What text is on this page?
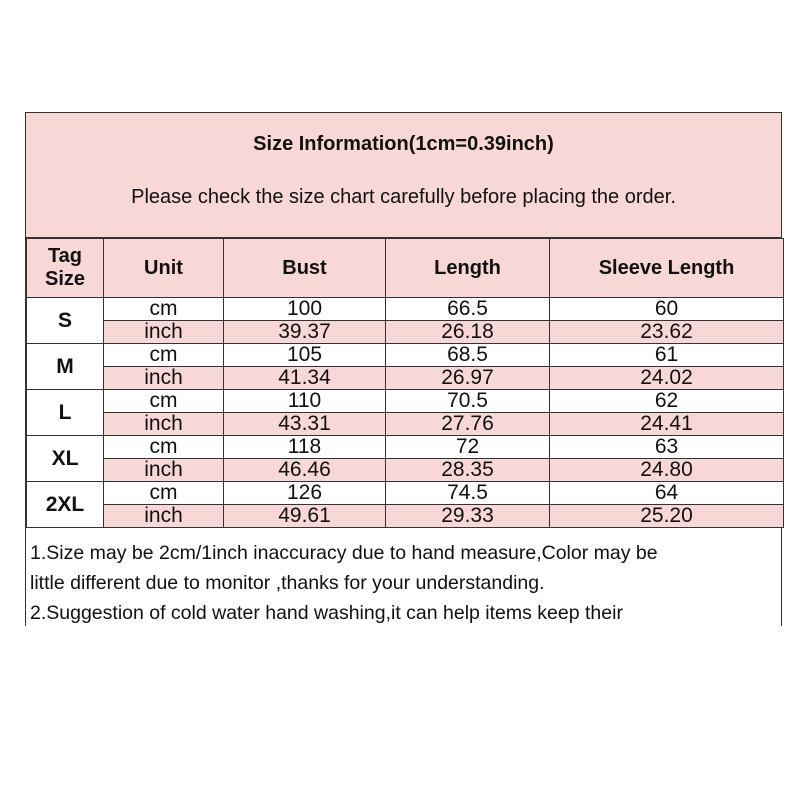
Size Information(1cm=0.39inch)
Please check the size chart carefully before placing the order.
Tag
Size	Unit	Bust	Length	Sleeve Length
S	cm	100	66.5	60
	inch	39.37	26.18	23.62
M	cm	105	68.5	61
	inch	41.34	26.97	24.02
L	cm	110	70.5	62
	inch	43.31	27.76	24.41
XL	cm	118	72	63
	inch	46.46	28.35	24.80
2XL	cm	126	74.5	64
	inch	49.61	29.33	25.20
1.Size may be 2cm/1inch inaccuracy due to hand measure,Color may be
little different due to monitor ,thanks for your understanding.
2.Suggestion of cold water hand washing,it can help items keep their
